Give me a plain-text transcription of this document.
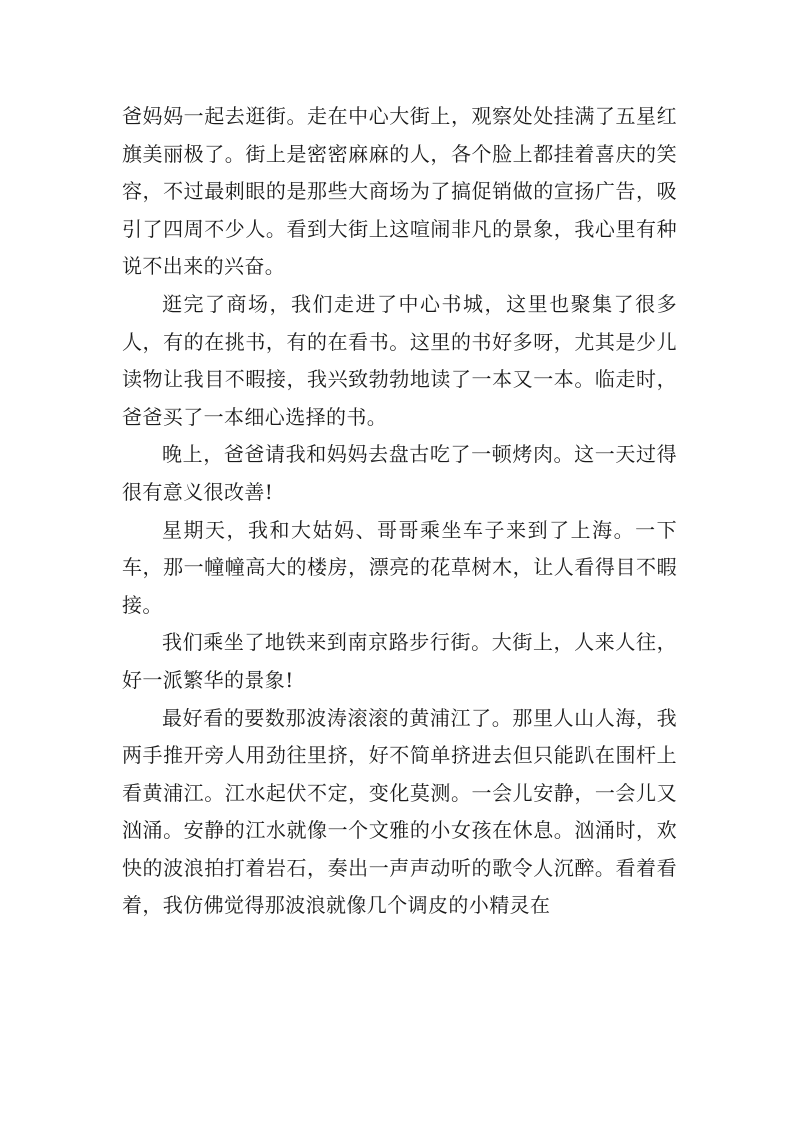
爸妈妈一起去逛街。走在中心大街上，观察处处挂满了五星红旗美丽极了。街上是密密麻麻的人，各个脸上都挂着喜庆的笑容，不过最刺眼的是那些大商场为了搞促销做的宣扬广告，吸引了四周不少人。看到大街上这喧闹非凡的景象，我心里有种说不出来的兴奋。

逛完了商场，我们走进了中心书城，这里也聚集了很多人，有的在挑书，有的在看书。这里的书好多呀，尤其是少儿读物让我目不暇接，我兴致勃勃地读了一本又一本。临走时，爸爸买了一本细心选择的书。

晚上，爸爸请我和妈妈去盘古吃了一顿烤肉。这一天过得很有意义很改善!

星期天，我和大姑妈、哥哥乘坐车子来到了上海。一下车，那一幢幢高大的楼房，漂亮的花草树木，让人看得目不暇接。

我们乘坐了地铁来到南京路步行街。大街上，人来人往，好一派繁华的景象!

最好看的要数那波涛滚滚的黄浦江了。那里人山人海，我两手推开旁人用劲往里挤，好不简单挤进去但只能趴在围杆上看黄浦江。江水起伏不定，变化莫测。一会儿安静，一会儿又汹涌。安静的江水就像一个文雅的小女孩在休息。汹涌时，欢快的波浪拍打着岩石，奏出一声声动听的歌令人沉醉。看着看着，我仿佛觉得那波浪就像几个调皮的小精灵在
